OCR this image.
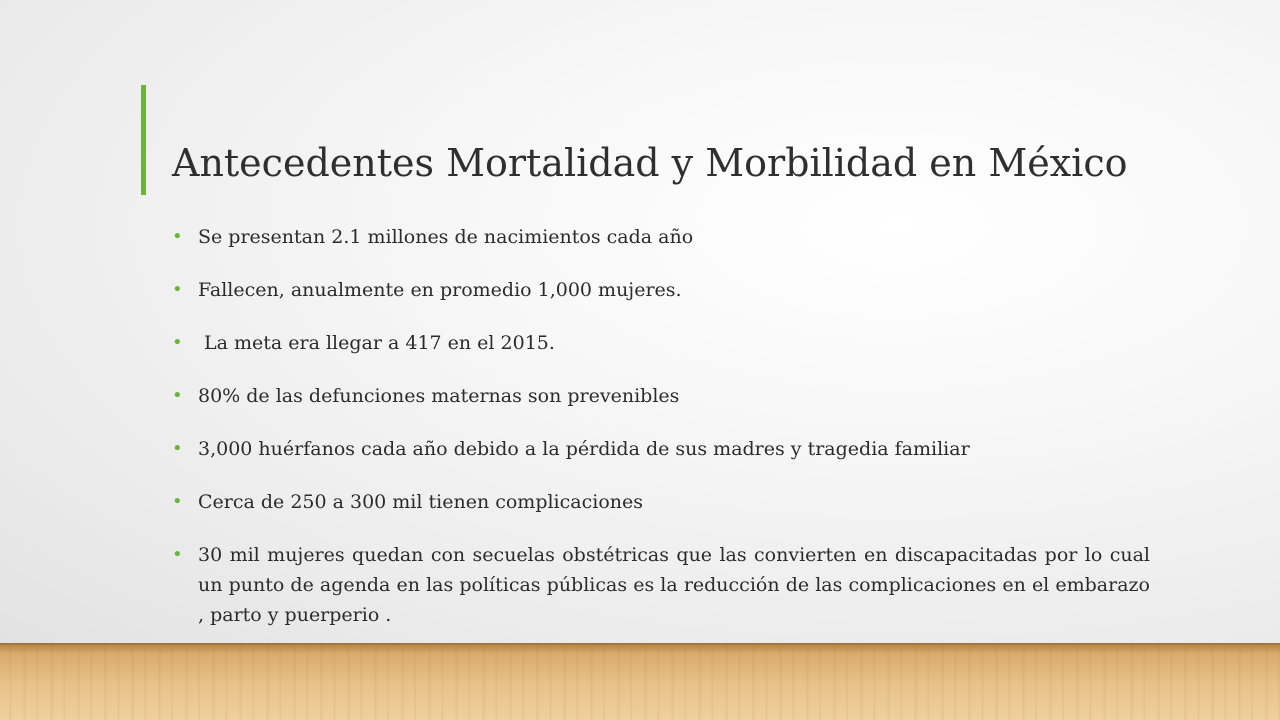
Antecedentes Mortalidad y Morbilidad en México
• Se presentan 2.1 millones de nacimientos cada año
• Fallecen, anualmente en promedio 1,000 mujeres.
• La meta era llegar a 417 en el 2015.
• 80% de las defunciones maternas son prevenibles
• 3,000 huérfanos cada año debido a la pérdida de sus madres y tragedia familiar
• Cerca de 250 a 300 mil tienen complicaciones
• 30 mil mujeres quedan con secuelas obstétricas que las convierten en discapacitadas por lo cual un punto de agenda en las políticas públicas es la reducción de las complicaciones en el embarazo , parto y puerperio .
